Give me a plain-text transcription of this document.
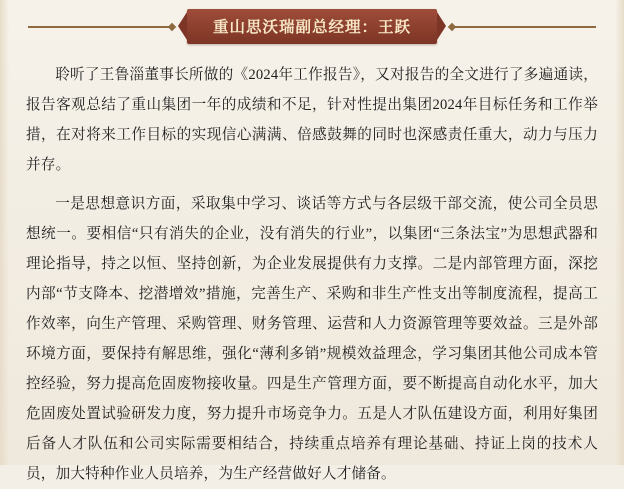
重山思沃瑞副总经理：王跃

聆听了王鲁淄董事长所做的《2024年工作报告》，又对报告的全文进行了多遍通读，报告客观总结了重山集团一年的成绩和不足，针对性提出集团2024年目标任务和工作举措，在对将来工作目标的实现信心满满、倍感鼓舞的同时也深感责任重大，动力与压力并存。

一是思想意识方面，采取集中学习、谈话等方式与各层级干部交流，使公司全员思想统一。要相信“只有消失的企业，没有消失的行业”，以集团“三条法宝”为思想武器和理论指导，持之以恒、坚持创新，为企业发展提供有力支撑。二是内部管理方面，深挖内部“节支降本、挖潜增效”措施，完善生产、采购和非生产性支出等制度流程，提高工作效率，向生产管理、采购管理、财务管理、运营和人力资源管理等要效益。三是外部环境方面，要保持有解思维，强化“薄利多销”规模效益理念，学习集团其他公司成本管控经验，努力提高危固废物接收量。四是生产管理方面，要不断提高自动化水平，加大危固废处置试验研发力度，努力提升市场竞争力。五是人才队伍建设方面，利用好集团后备人才队伍和公司实际需要相结合，持续重点培养有理论基础、持证上岗的技术人员，加大特种作业人员培养，为生产经营做好人才储备。
